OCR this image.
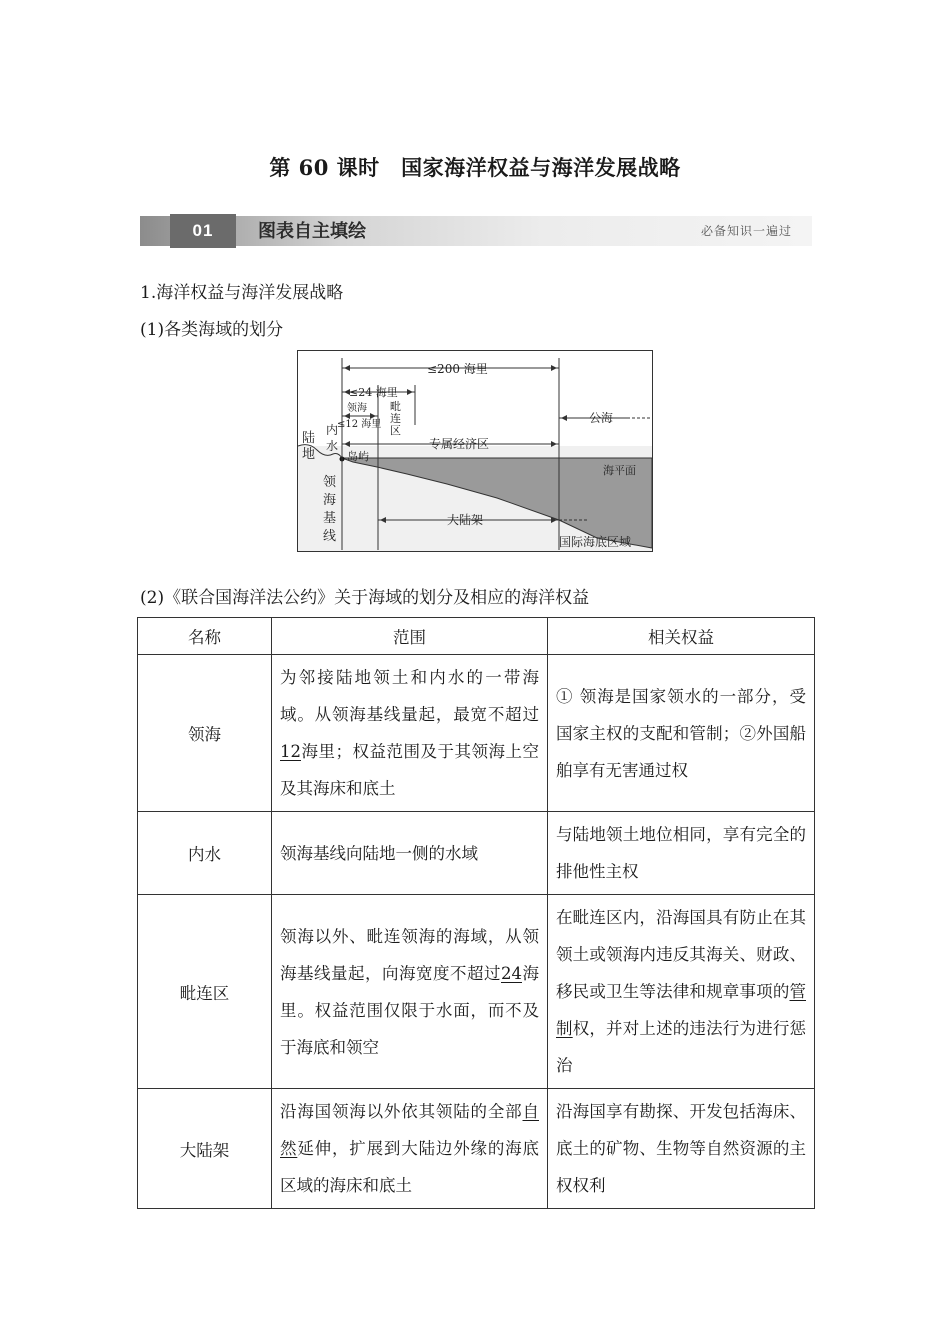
第 60 课时　国家海洋权益与海洋发展战略
01	图表自主填绘	必备知识一遍过
1.海洋权益与海洋发展战略
(1)各类海域的划分
≤200 海里
≤24 海里
领海
≤12 海里
毗
连
区
公海
专属经济区
陆
地
内
水
岛屿
海平面
领
海
基
线
大陆架
国际海底区域
(2)《联合国海洋法公约》关于海域的划分及相应的海洋权益
名称	范围	相关权益
领海	为邻接陆地领土和内水的一带海域。从领海基线量起，最宽不超过12海里；权益范围及于其领海上空及其海床和底土	① 领海是国家领水的一部分，受国家主权的支配和管制；②外国船舶享有无害通过权
内水	领海基线向陆地一侧的水域	与陆地领土地位相同，享有完全的排他性主权
毗连区	领海以外、毗连领海的海域，从领海基线量起，向海宽度不超过24海里。权益范围仅限于水面，而不及于海底和领空	在毗连区内，沿海国具有防止在其领土或领海内违反其海关、财政、移民或卫生等法律和规章事项的管制权，并对上述的违法行为进行惩治
大陆架	沿海国领海以外依其领陆的全部自然延伸，扩展到大陆边外缘的海底区域的海床和底土	沿海国享有勘探、开发包括海床、底土的矿物、生物等自然资源的主权权利
